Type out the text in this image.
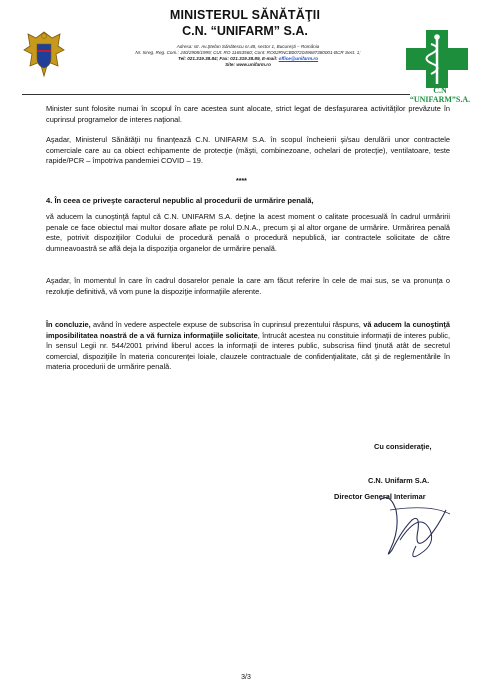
MINISTERUL SĂNĂTĂŢII
C.N. “UNIFARM” S.A.
Adresa: str. Av.Ştefan Sănătescu nr.48, sector 1, Bucureşti – România
Nr. Inreg. Reg. Com.: J40/2908/1999; CUI: RO 11653560; Cont: RO02RNCB0072049687380001-BCR Sect. 1;
Tel: 021.319.38.84; Fax: 021.319.38.89, E-mail: office@unifarm.ro
Site: www.unifarm.ro
C.N “UNIFARM”S.A.
Minister sunt folosite numai în scopul în care acestea sunt alocate, strict legat de desfaşurarea activităţilor prevăzute în cuprinsul programelor de interes naţional.
Aşadar, Ministerul Sănătăţii nu finanţează C.N. UNIFARM S.A. în scopul încheierii şi/sau derulării unor contractele comerciale care au ca obiect echipamente de protecţie (măşti, combinezoane, ochelari de protecţie), ventilatoare, teste rapide/PCR – împotriva pandemiei COVID – 19.
****
4. În ceea ce priveşte caracterul nepublic al procedurii de urmărire penală,
vă aducem la cunoştinţă faptul că C.N. UNIFARM S.A. deţine la acest moment o calitate procesuală în cadrul urmăririi penale ce face obiectul mai multor dosare aflate pe rolul D.N.A., precum şi al altor organe de urmărire. Urmărirea penală este, potrivit dispoziţiilor Codului de procedură penală o procedură nepublică, iar contractele solicitate de către dumneavoastră se află deja la dispoziţia organelor de urmărire penală.
Aşadar, în momentul în care în cadrul dosarelor penale la care am făcut referire în cele de mai sus, se va pronunţa o rezoluţie definitivă, vă vom pune la dispoziţie informaţiile aferente.
În concluzie, având în vedere aspectele expuse de subscrisa în cuprinsul prezentului răspuns, vă aducem la cunoştinţă imposibilitatea noastră de a vă furniza informaţiile solicitate, întrucât acestea nu constituie informaţii de interes public, în sensul Legii nr. 544/2001 privind liberul acces la informaţii de interes public, subscrisa fiind ţinută atât de secretul comercial, dispoziţiile în materia concurenţei loiale, clauzele contractuale de confidenţialitate, cât şi de reglementările în materia procedurii de urmărire penală.
Cu consideraţie,
C.N. Unifarm S.A.
Director General Interimar
3/3
